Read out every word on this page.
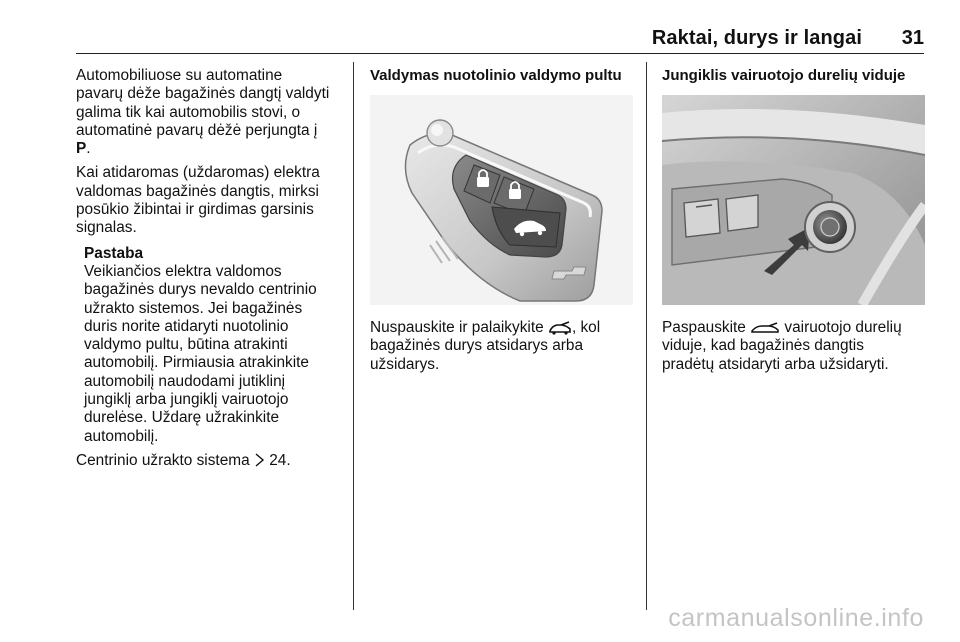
Raktai, durys ir langai 31

Automobiliuose su automatine
pavarų dėže bagažinės dangtį valdyti
galima tik kai automobilis stovi, o
automatinė pavarų dėžė perjungta į
P.

Kai atidaromas (uždaromas) elektra
valdomas bagažinės dangtis, mirksi
posūkio žibintai ir girdimas garsinis
signalas.

Pastaba
Veikiančios elektra valdomos
bagažinės durys nevaldo centrinio
užrakto sistemos. Jei bagažinės
duris norite atidaryti nuotolinio
valdymo pultu, būtina atrakinti
automobilį. Pirmiausia atrakinkite
automobilį naudodami jutiklinį
jungiklį arba jungiklį vairuotojo
durelėse. Uždarę užrakinkite
automobilį.

Centrinio užrakto sistema 24.

Valdymas nuotolinio valdymo pultu
Nuspauskite ir palaikykite , kol
bagažinės durys atsidarys arba
užsidarys.
Jungiklis vairuotojo durelių viduje
Paspauskite	vairuotojo durelių
viduje, kad bagažinės dangtis
pradėtų atsidaryti arba užsidaryti.
carmanualsonline.info
